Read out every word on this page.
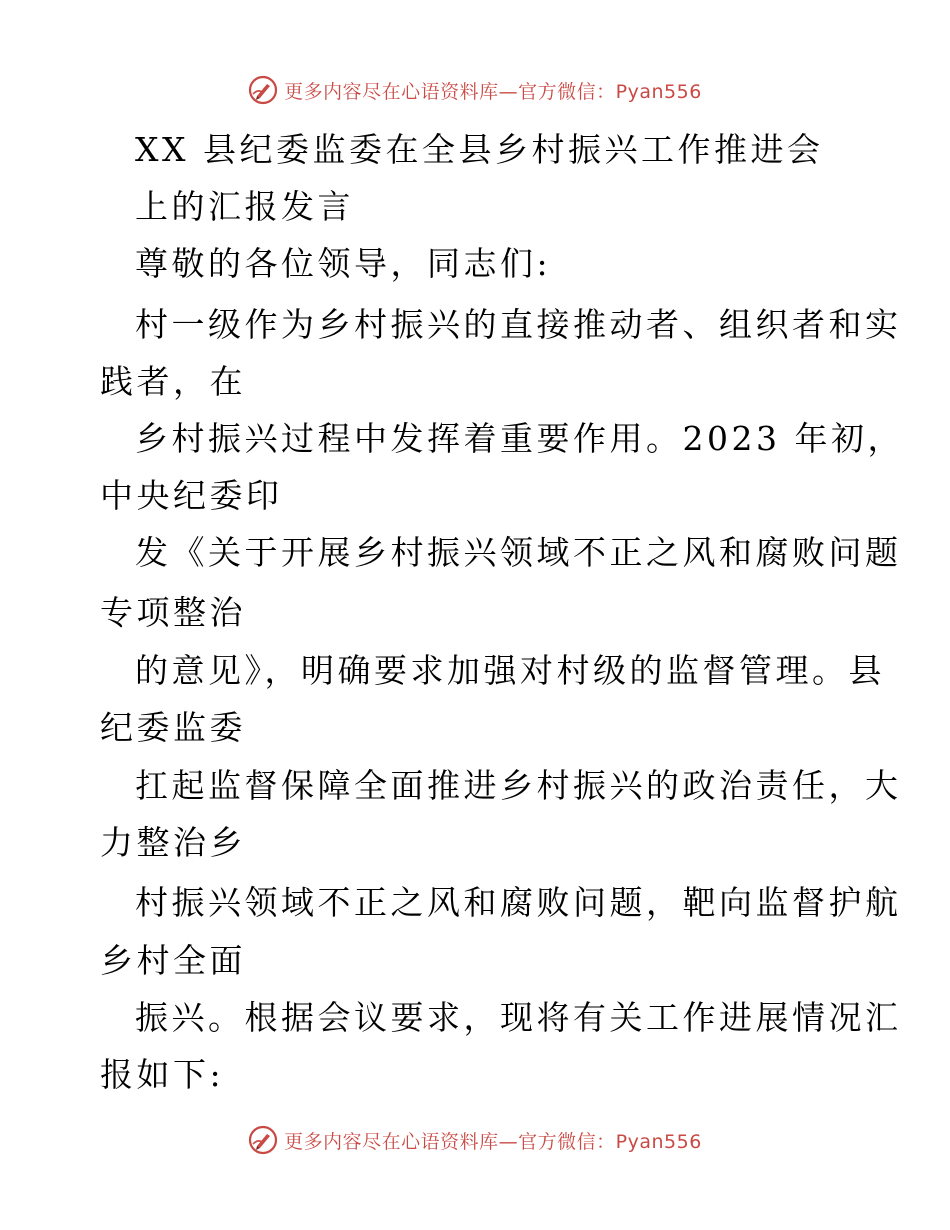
更多内容尽在心语资料库—官方微信：Pyan556
XX 县纪委监委在全县乡村振兴工作推进会
上的汇报发言
尊敬的各位领导，同志们:
村一级作为乡村振兴的直接推动者、组织者和实
践者，在
乡村振兴过程中发挥着重要作用。2023 年初，
中央纪委印
发《关于开展乡村振兴领域不正之风和腐败问题
专项整治
的意见》，明确要求加强对村级的监督管理。县
纪委监委
扛起监督保障全面推进乡村振兴的政治责任，大
力整治乡
村振兴领域不正之风和腐败问题，靶向监督护航
乡村全面
振兴。根据会议要求，现将有关工作进展情况汇
报如下:
更多内容尽在心语资料库—官方微信：Pyan556
